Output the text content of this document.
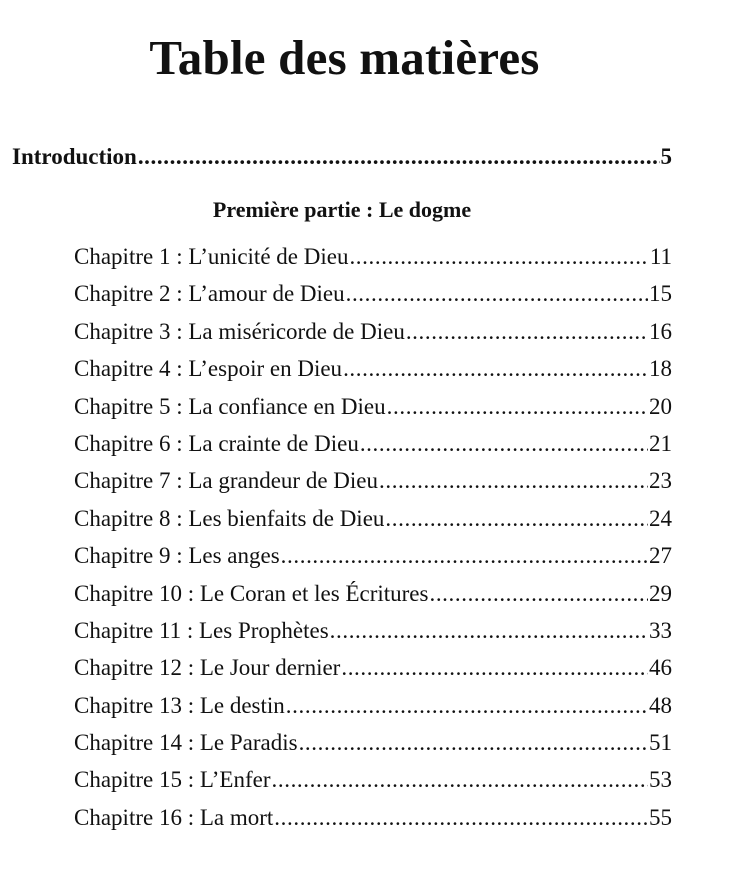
Table des matières
Introduction .....	5
Première partie : Le dogme
Chapitre 1 : L’unicité de Dieu .....	11
Chapitre 2 : L’amour de Dieu .....	15
Chapitre 3 : La miséricorde de Dieu .....	16
Chapitre 4 : L’espoir en Dieu .....	18
Chapitre 5 : La confiance en Dieu .....	20
Chapitre 6 : La crainte de Dieu .....	21
Chapitre 7 : La grandeur de Dieu .....	23
Chapitre 8 : Les bienfaits de Dieu .....	24
Chapitre 9 : Les anges .....	27
Chapitre 10 : Le Coran et les Écritures .....	29
Chapitre 11 : Les Prophètes .....	33
Chapitre 12 : Le Jour dernier .....	46
Chapitre 13 : Le destin .....	48
Chapitre 14 : Le Paradis .....	51
Chapitre 15 : L’Enfer .....	53
Chapitre 16 : La mort .....	55
